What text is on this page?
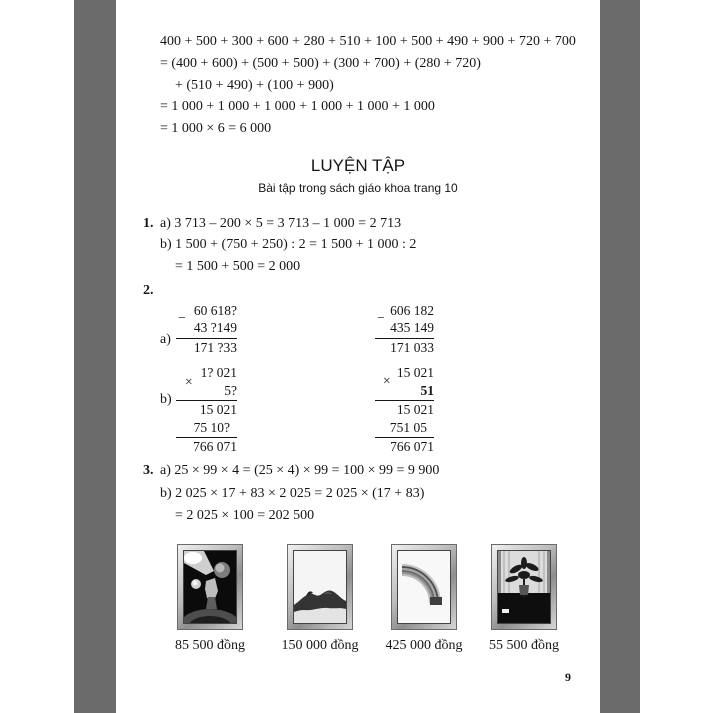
400 + 500 + 300 + 600 + 280 + 510 + 100 + 500 + 490 + 900 + 720 + 700
= (400 + 600) + (500 + 500) + (300 + 700) + (280 + 720)
+ (510 + 490) + (100 + 900)
= 1 000 + 1 000 + 1 000 + 1 000 + 1 000 + 1 000
= 1 000 × 6 = 6 000
LUYỆN TẬP
Bài tập trong sách giáo khoa trang 10
1. a) 3 713 – 200 × 5 = 3 713 – 1 000 = 2 713
b) 1 500 + (750 + 250) : 2 = 1 500 + 1 000 : 2
= 1 500 + 500 = 2 000
2.
a)
− 60 618?
43 ?149
171 ?33
− 606 182
435 149
171 033
b)
×
1? 021
5?
15 021
75 10?
766 071
×
15 021
51
15 021
751 05
766 071
3. a) 25 × 99 × 4 = (25 × 4) × 99 = 100 × 99 = 9 900
b) 2 025 × 17 + 83 × 2 025 = 2 025 × (17 + 83)
= 2 025 × 100 = 202 500
85 500 đồng	150 000 đồng	425 000 đồng	55 500 đồng
9
